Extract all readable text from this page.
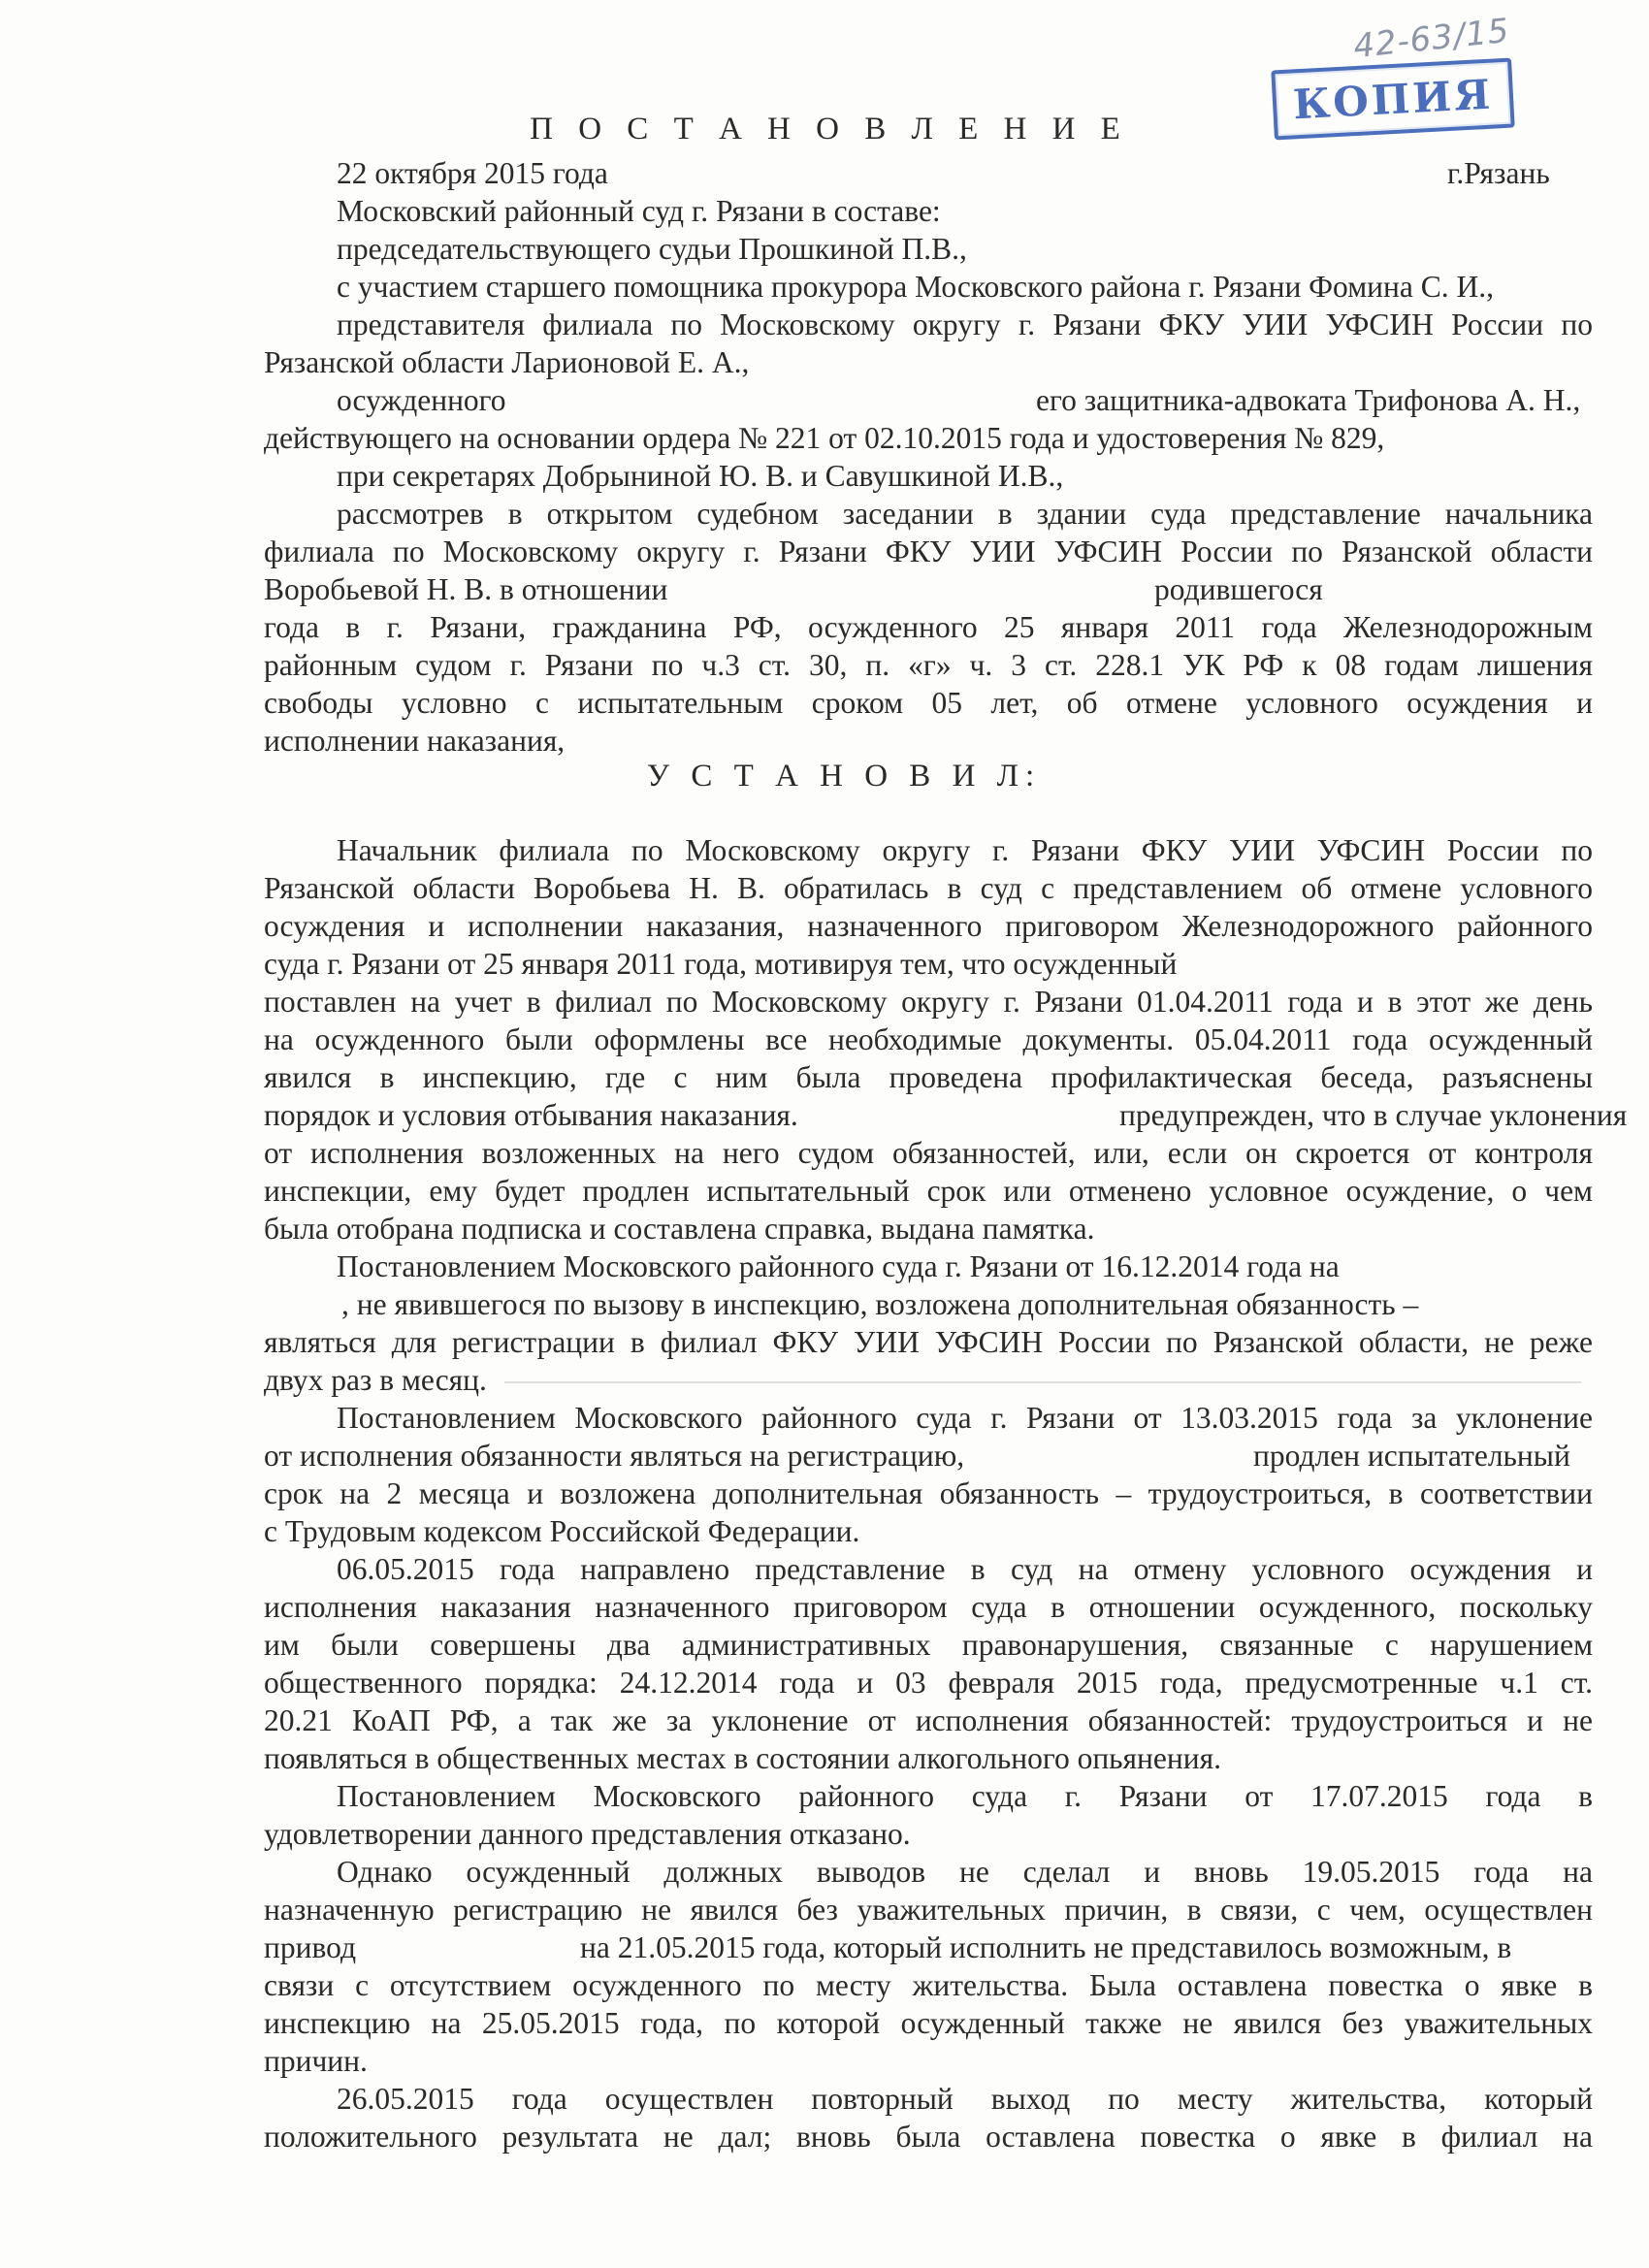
42-63/15
КОПИЯ
П О С Т А Н О В Л Е Н И Е
22 октября 2015 года	г.Рязань
Московский районный суд г. Рязани в составе:
председательствующего судьи Прошкиной П.В.,
с участием старшего помощника прокурора Московского района г. Рязани Фомина С. И.,
представителя филиала по Московскому округу г. Рязани ФКУ УИИ УФСИН России по
Рязанской области Ларионовой Е. А.,
осужденного	его защитника-адвоката Трифонова А. Н.,
действующего на основании ордера № 221 от 02.10.2015 года и удостоверения № 829,
при секретарях Добрыниной Ю. В. и Савушкиной И.В.,
рассмотрев в открытом судебном заседании в здании суда представление начальника
филиала по Московскому округу г. Рязани ФКУ УИИ УФСИН России по Рязанской области
Воробьевой Н. В. в отношении	родившегося
года в г. Рязани, гражданина РФ, осужденного 25 января 2011 года Железнодорожным
районным судом г. Рязани по ч.3 ст. 30, п. «г» ч. 3 ст. 228.1 УК РФ к 08 годам лишения
свободы условно с испытательным сроком 05 лет, об отмене условного осуждения и
исполнении наказания,
У С Т А Н О В И Л:
Начальник филиала по Московскому округу г. Рязани ФКУ УИИ УФСИН России по
Рязанской области Воробьева Н. В. обратилась в суд с представлением об отмене условного
осуждения и исполнении наказания, назначенного приговором Железнодорожного районного
суда г. Рязани от 25 января 2011 года, мотивируя тем, что осужденный
поставлен на учет в филиал по Московскому округу г. Рязани 01.04.2011 года и в этот же день
на осужденного были оформлены все необходимые документы. 05.04.2011 года осужденный
явился в инспекцию, где с ним была проведена профилактическая беседа, разъяснены
порядок и условия отбывания наказания.	предупрежден, что в случае уклонения
от исполнения возложенных на него судом обязанностей, или, если он скроется от контроля
инспекции, ему будет продлен испытательный срок или отменено условное осуждение, о чем
была отобрана подписка и составлена справка, выдана памятка.
Постановлением Московского районного суда г. Рязани от 16.12.2014 года на
, не явившегося по вызову в инспекцию, возложена дополнительная обязанность –
являться для регистрации в филиал ФКУ УИИ УФСИН России по Рязанской области, не реже
двух раз в месяц.
Постановлением Московского районного суда г. Рязани от 13.03.2015 года за уклонение
от исполнения обязанности являться на регистрацию,	продлен испытательный
срок на 2 месяца и возложена дополнительная обязанность – трудоустроиться, в соответствии
с Трудовым кодексом Российской Федерации.
06.05.2015 года направлено представление в суд на отмену условного осуждения и
исполнения наказания назначенного приговором суда в отношении осужденного, поскольку
им были совершены два административных правонарушения, связанные с нарушением
общественного порядка: 24.12.2014 года и 03 февраля 2015 года, предусмотренные ч.1 ст.
20.21 КоАП РФ, а так же за уклонение от исполнения обязанностей: трудоустроиться и не
появляться в общественных местах в состоянии алкогольного опьянения.
Постановлением Московского районного суда г. Рязани от 17.07.2015 года в
удовлетворении данного представления отказано.
Однако осужденный должных выводов не сделал и вновь 19.05.2015 года на
назначенную регистрацию не явился без уважительных причин, в связи, с чем, осуществлен
привод	на 21.05.2015 года, который исполнить не представилось возможным, в
связи с отсутствием осужденного по месту жительства. Была оставлена повестка о явке в
инспекцию на 25.05.2015 года, по которой осужденный также не явился без уважительных
причин.
26.05.2015 года осуществлен повторный выход по месту жительства, который
положительного результата не дал; вновь была оставлена повестка о явке в филиал на
